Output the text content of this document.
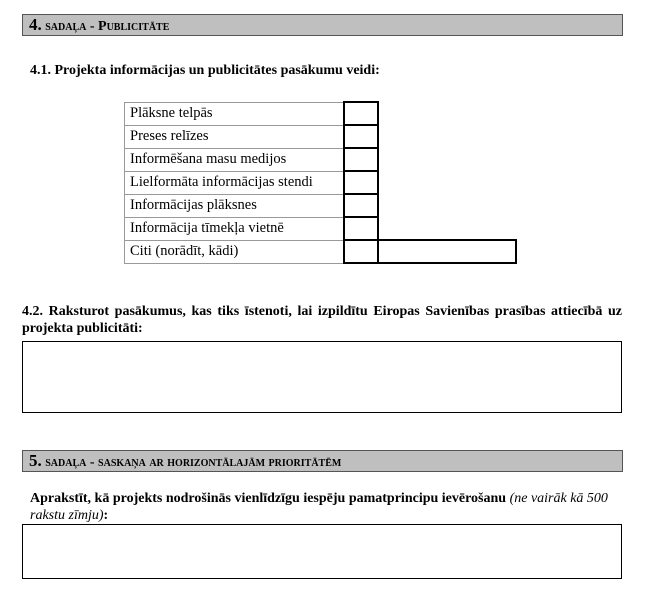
4. sadaļa - Publicitāte
4.1. Projekta informācijas un publicitātes pasākumu veidi:
Plāksne telpās		
Preses relīzes		
Informēšana masu medijos		
Lielformāta informācijas stendi		
Informācijas plāksnes		
Informācija tīmekļa vietnē		
Citi (norādīt, kādi)		
4.2. Raksturot pasākumus, kas tiks īstenoti, lai izpildītu Eiropas Savienības prasības attiecībā uz projekta publicitāti:
5. sadaļa - saskaņa ar horizontālajām prioritātēm
Aprakstīt, kā projekts nodrošinās vienlīdzīgu iespēju pamatprincipu ievērošanu (ne vairāk kā 500 rakstu zīmju):
